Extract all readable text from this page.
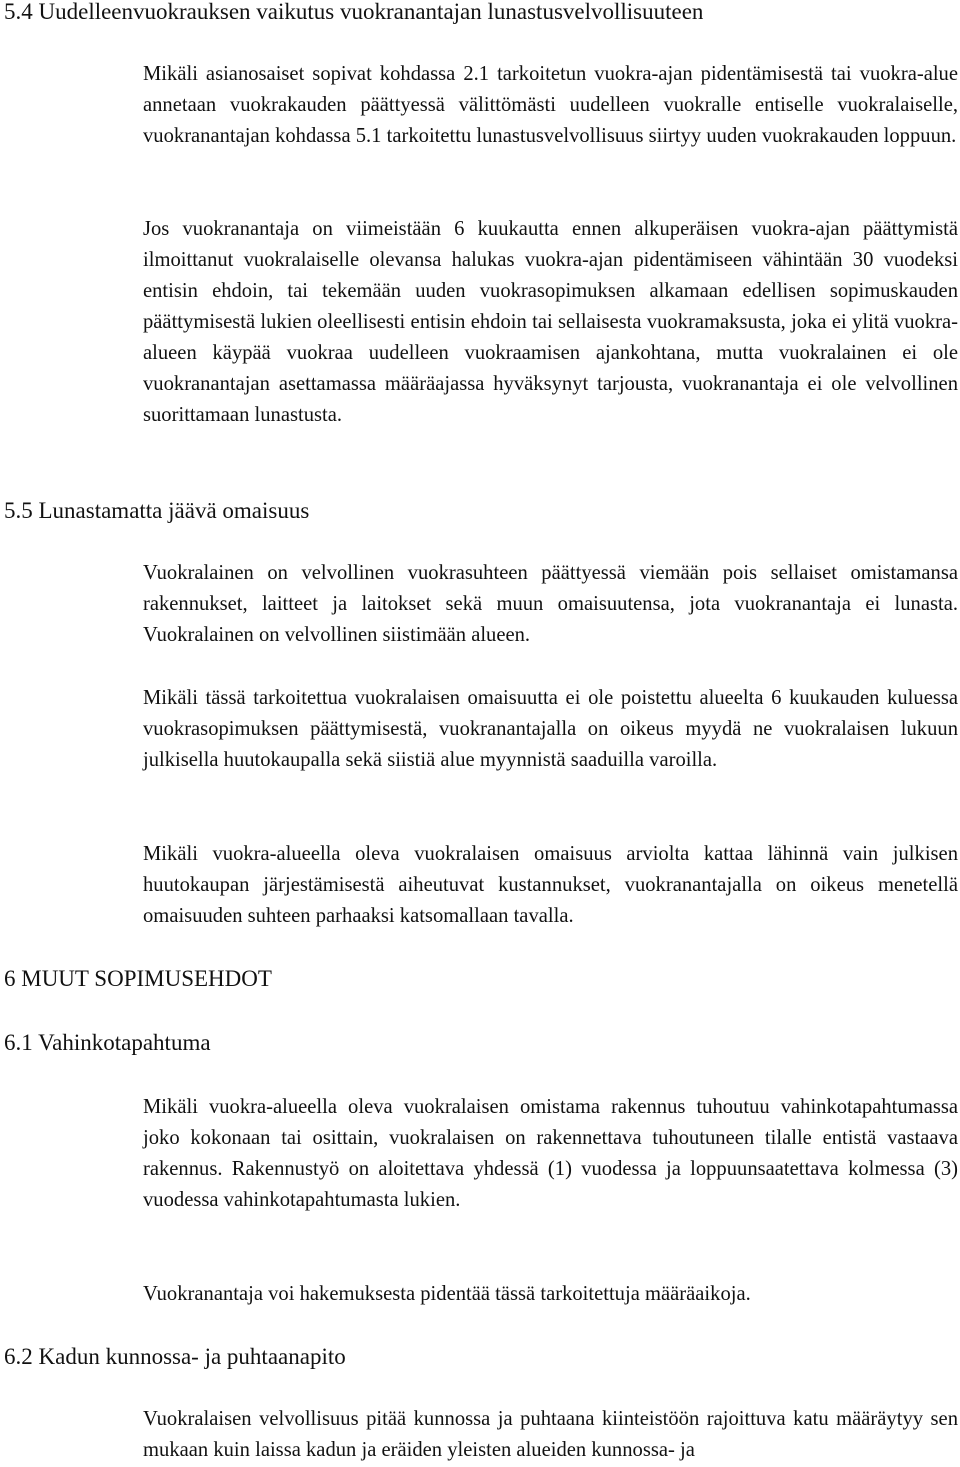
5.4 Uudelleenvuokrauksen vaikutus vuokranantajan lunastusvelvollisuuteen

Mikäli asianosaiset sopivat kohdassa 2.1 tarkoitetun vuokra-ajan pidentämisestä tai vuokra-alue annetaan vuokrakauden päättyessä välittömästi uudelleen vuokralle entiselle vuokralaiselle, vuokranantajan kohdassa 5.1 tarkoitettu lunastusvelvollisuus siirtyy uuden vuokrakauden loppuun.

Jos vuokranantaja on viimeistään 6 kuukautta ennen alkuperäisen vuokra-ajan päättymistä ilmoittanut vuokralaiselle olevansa halukas vuokra-ajan pidentämiseen vähintään 30 vuodeksi entisin ehdoin, tai tekemään uuden vuokrasopimuksen alkamaan edellisen sopimuskauden päättymisestä lukien oleellisesti entisin ehdoin tai sellaisesta vuokramaksusta, joka ei ylitä vuokra-alueen käypää vuokraa uudelleen vuokraamisen ajankohtana, mutta vuokralainen ei ole vuokranantajan asettamassa määräajassa hyväksynyt tarjousta, vuokranantaja ei ole velvollinen suorittamaan lunastusta.

5.5 Lunastamatta jäävä omaisuus

Vuokralainen on velvollinen vuokrasuhteen päättyessä viemään pois sellaiset omistamansa rakennukset, laitteet ja laitokset sekä muun omaisuutensa, jota vuokranantaja ei lunasta. Vuokralainen on velvollinen siistimään alueen.

Mikäli tässä tarkoitettua vuokralaisen omaisuutta ei ole poistettu alueelta 6 kuukauden kuluessa vuokrasopimuksen päättymisestä, vuokranantajalla on oikeus myydä ne vuokralaisen lukuun julkisella huutokaupalla sekä siistiä alue myynnistä saaduilla varoilla.

Mikäli vuokra-alueella oleva vuokralaisen omaisuus arviolta kattaa lähinnä vain julkisen huutokaupan järjestämisestä aiheutuvat kustannukset, vuokranantajalla on oikeus menetellä omaisuuden suhteen parhaaksi katsomallaan tavalla.

6 MUUT SOPIMUSEHDOT
6.1 Vahinkotapahtuma

Mikäli vuokra-alueella oleva vuokralaisen omistama rakennus tuhoutuu vahinkotapahtumassa joko kokonaan tai osittain, vuokralaisen on rakennettava tuhoutuneen tilalle entistä vastaava rakennus. Rakennustyö on aloitettava yhdessä (1) vuodessa ja loppuunsaatettava kolmessa (3) vuodessa vahinkotapahtumasta lukien.

Vuokranantaja voi hakemuksesta pidentää tässä tarkoitettuja määräaikoja.

6.2 Kadun kunnossa- ja puhtaanapito

Vuokralaisen velvollisuus pitää kunnossa ja puhtaana kiinteistöön rajoittuva katu määräytyy sen mukaan kuin laissa kadun ja eräiden yleisten alueiden kunnossa- ja
